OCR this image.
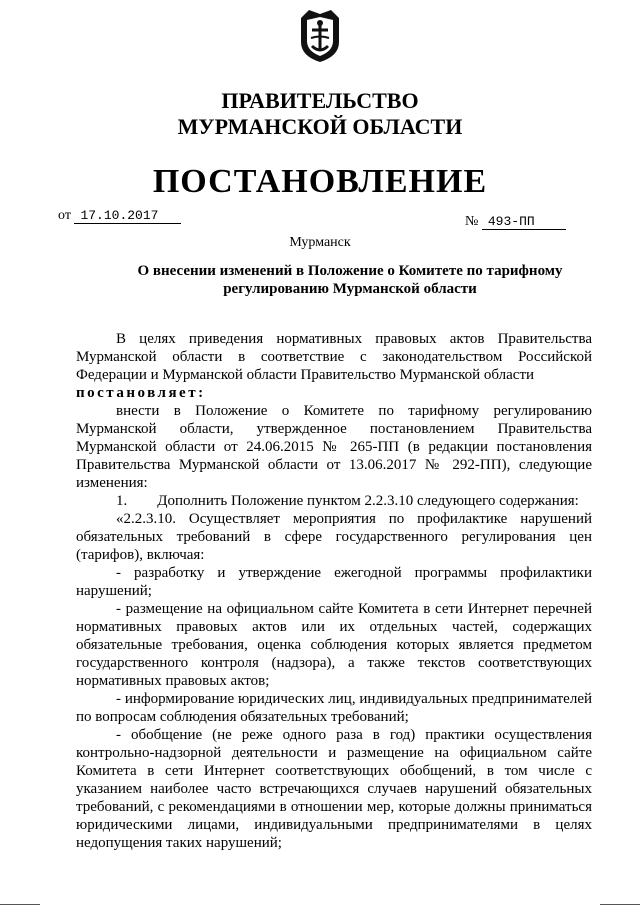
ПРАВИТЕЛЬСТВО
МУРМАНСКОЙ ОБЛАСТИ
ПОСТАНОВЛЕНИЕ
от 17.10.2017	№ 493-ПП
Мурманск
О внесении изменений в Положение о Комитете по тарифному
регулированию Мурманской области

В целях приведения нормативных правовых актов Правительства Мурманской области в соответствие с законодательством Российской Федерации и Мурманской области Правительство Мурманской области

постановляет:

внести в Положение о Комитете по тарифному регулированию Мурманской области, утвержденное постановлением Правительства Мурманской области от 24.06.2015 № 265-ПП (в редакции постановления Правительства Мурманской области от 13.06.2017 № 292-ПП), следующие изменения:

1.        Дополнить Положение пунктом 2.2.3.10 следующего содержания:

«2.2.3.10. Осуществляет мероприятия по профилактике нарушений обязательных требований в сфере государственного регулирования цен (тарифов), включая:

- разработку и утверждение ежегодной программы профилактики нарушений;

- размещение на официальном сайте Комитета в сети Интернет перечней нормативных правовых актов или их отдельных частей, содержащих обязательные требования, оценка соблюдения которых является предметом государственного контроля (надзора), а также текстов соответствующих нормативных правовых актов;

- информирование юридических лиц, индивидуальных предпринимателей по вопросам соблюдения обязательных требований;

- обобщение (не реже одного раза в год) практики осуществления контрольно-надзорной деятельности и размещение на официальном сайте Комитета в сети Интернет соответствующих обобщений, в том числе с указанием наиболее часто встречающихся случаев нарушений обязательных требований, с рекомендациями в отношении мер, которые должны приниматься юридическими лицами, индивидуальными предпринимателями в целях недопущения таких нарушений;
